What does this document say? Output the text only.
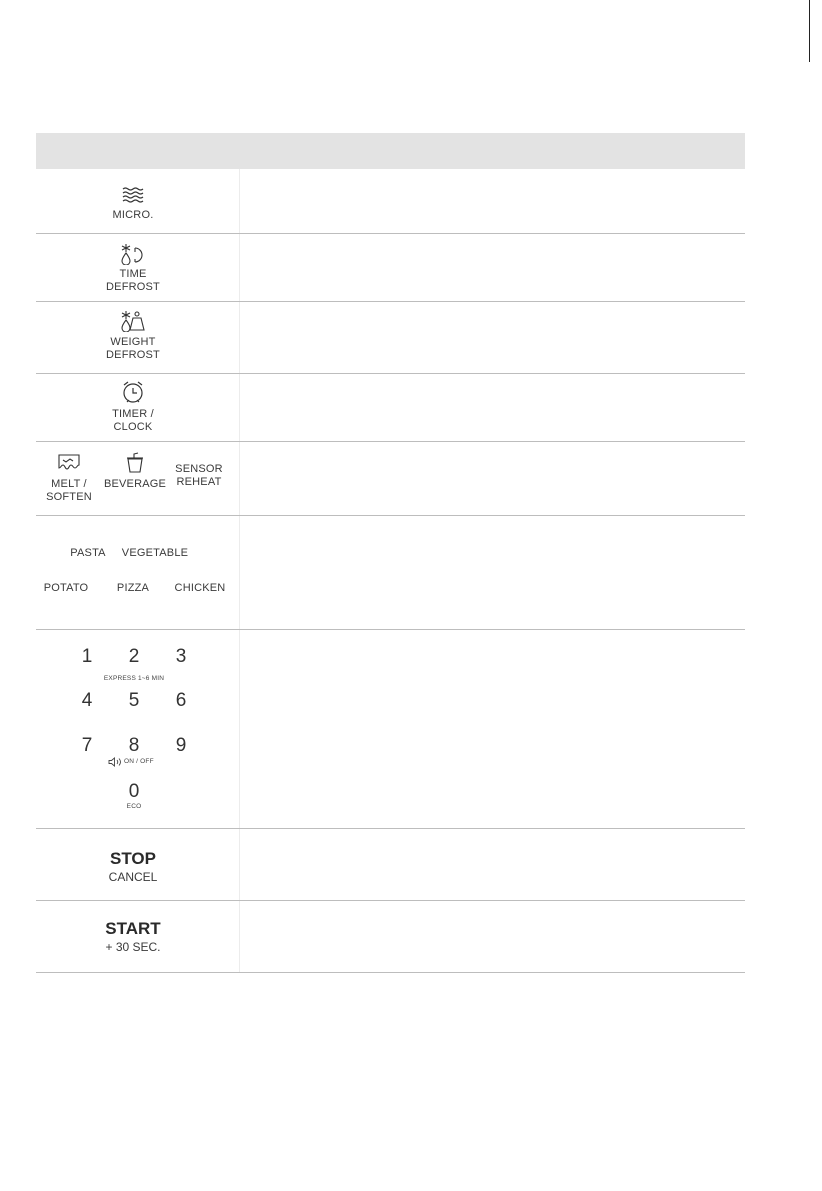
MICRO.
TIME
DEFROST
WEIGHT
DEFROST
TIMER /
CLOCK
MELT /
SOFTEN
BEVERAGE
SENSOR
REHEAT
PASTA VEGETABLE
POTATO	PIZZA CHICKEN
1	2	3
EXPRESS 1~6 MIN
4	5	6
7	8	9
ON / OFF
0
ECO
STOP
CANCEL
START
+ 30 SEC.
